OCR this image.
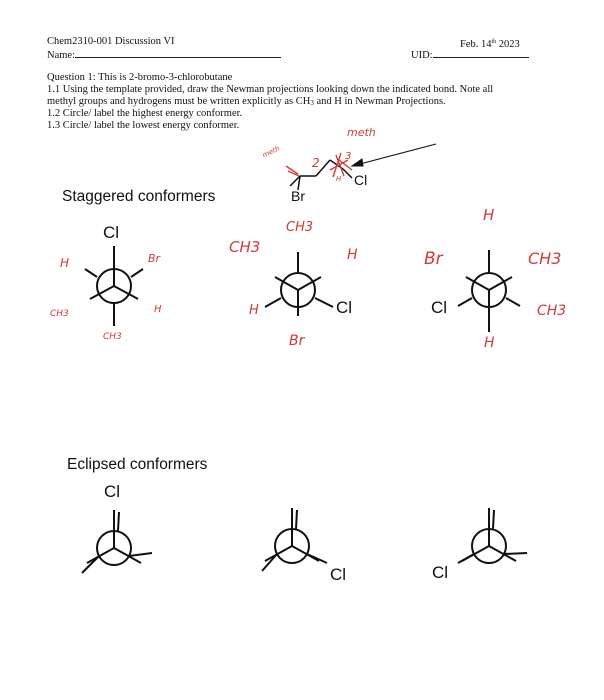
Chem2310-001 Discussion VI
Name:
Feb. 14th 2023
UID:
Question 1: This is 2-bromo-3-chlorobutane
1.1 Using the template provided, draw the Newman projections looking down the indicated bond. Note all
methyl groups and hydrogens must be written explicitly as CH3 and H in Newman Projections.
1.2 Circle/ label the highest energy conformer.
1.3 Circle/ label the lowest energy conformer.
Br
Cl
meth
meth
2	3
H
Staggered conformers
Eclipsed conformers
Cl
H	Br
CH3	H
CH3
CH3
CH3	H
H	Cl
Br
H
Br	CH3
Cl	CH3
H
Cl
Cl	Cl
